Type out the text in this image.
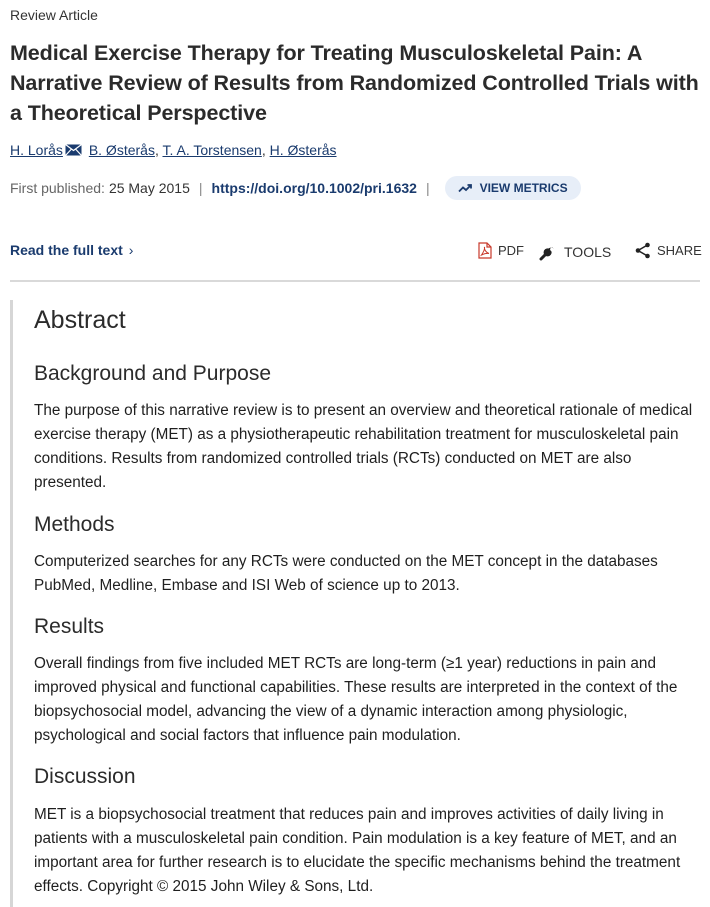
Review Article
Medical Exercise Therapy for Treating Musculoskeletal Pain: A Narrative Review of Results from Randomized Controlled Trials with a Theoretical Perspective
H. Lorås B. Østerås, T. A. Torstensen, H. Østerås
First published: 25 May 2015 | https://doi.org/10.1002/pri.1632 |	VIEW METRICS
Read the full text ›	PDF	TOOLS	SHARE
Abstract
Background and Purpose

The purpose of this narrative review is to present an overview and theoretical rationale of medical exercise therapy (MET) as a physiotherapeutic rehabilitation treatment for musculoskeletal pain conditions. Results from randomized controlled trials (RCTs) conducted on MET are also presented.

Methods

Computerized searches for any RCTs were conducted on the MET concept in the databases PubMed, Medline, Embase and ISI Web of science up to 2013.

Results

Overall findings from five included MET RCTs are long-term (≥1 year) reductions in pain and improved physical and functional capabilities. These results are interpreted in the context of the biopsychosocial model, advancing the view of a dynamic interaction among physiologic, psychological and social factors that influence pain modulation.

Discussion

MET is a biopsychosocial treatment that reduces pain and improves activities of daily living in patients with a musculoskeletal pain condition. Pain modulation is a key feature of MET, and an important area for further research is to elucidate the specific mechanisms behind the treatment effects. Copyright © 2015 John Wiley & Sons, Ltd.
